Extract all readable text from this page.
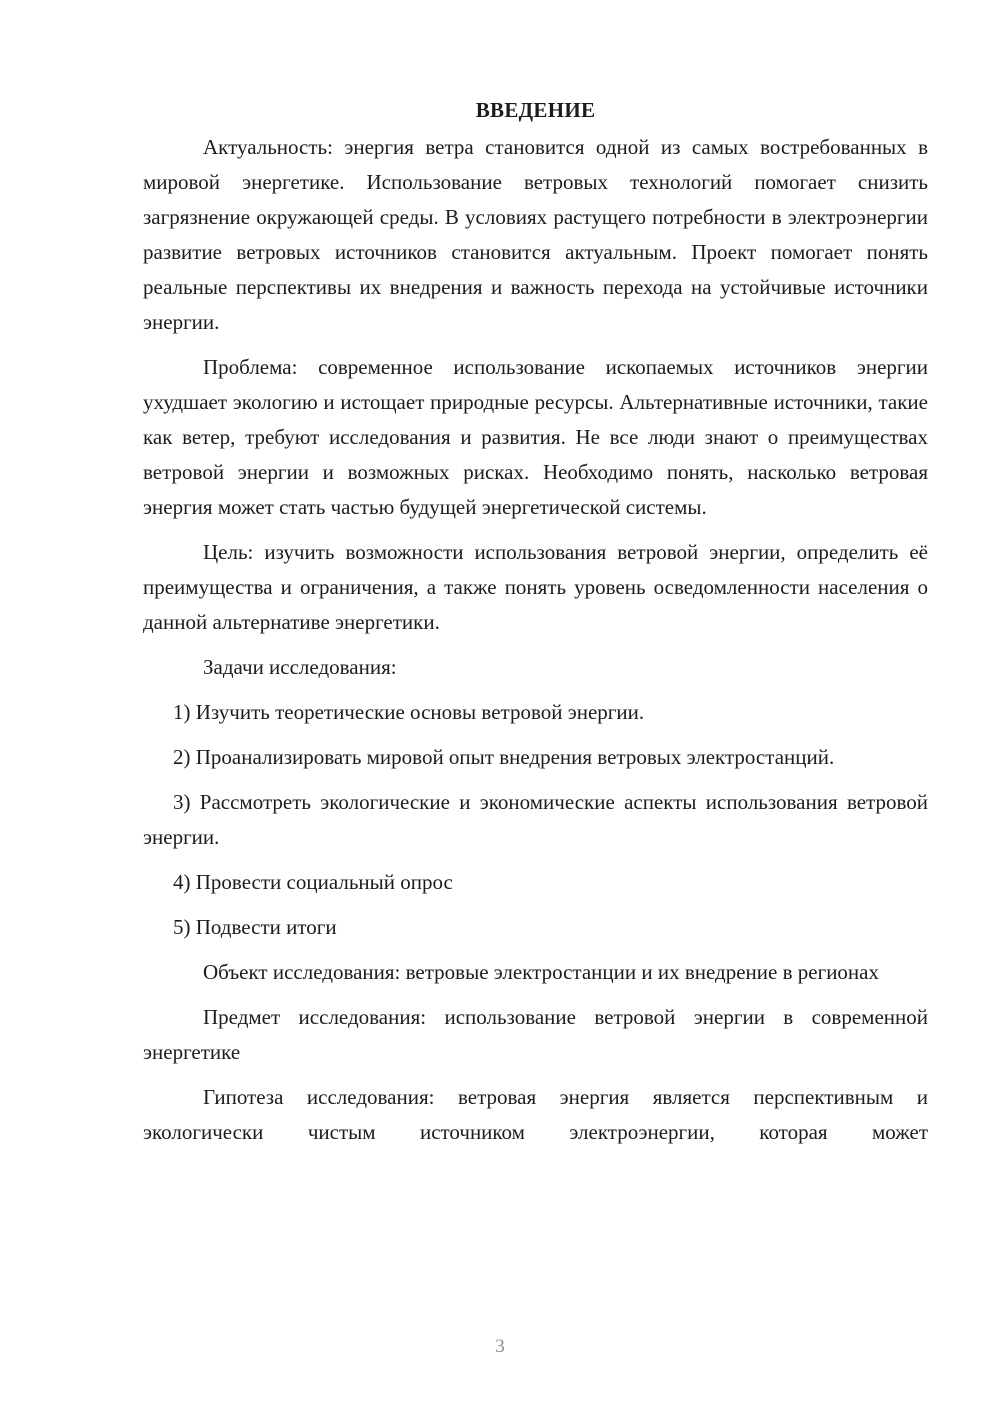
ВВЕДЕНИЕ

Актуальность: энергия ветра становится одной из самых востребованных в мировой энергетике. Использование ветровых технологий помогает снизить загрязнение окружающей среды. В условиях растущего потребности в электроэнергии развитие ветровых источников становится актуальным. Проект помогает понять реальные перспективы их внедрения и важность перехода на устойчивые источники энергии.

Проблема: современное использование ископаемых источников энергии ухудшает экологию и истощает природные ресурсы. Альтернативные источники, такие как ветер, требуют исследования и развития. Не все люди знают о преимуществах ветровой энергии и возможных рисках. Необходимо понять, насколько ветровая энергия может стать частью будущей энергетической системы.

Цель: изучить возможности использования ветровой энергии, определить её преимущества и ограничения, а также понять уровень осведомленности населения о данной альтернативе энергетики.

Задачи исследования:

1) Изучить теоретические основы ветровой энергии.

2) Проанализировать мировой опыт внедрения ветровых электростанций.

3) Рассмотреть экологические и экономические аспекты использования ветровой энергии.

4) Провести социальный опрос

5) Подвести итоги

Объект исследования: ветровые электростанции и их внедрение в регионах

Предмет исследования: использование ветровой энергии в современной энергетике

Гипотеза исследования: ветровая энергия является перспективным и экологически чистым источником электроэнергии, которая может

3
